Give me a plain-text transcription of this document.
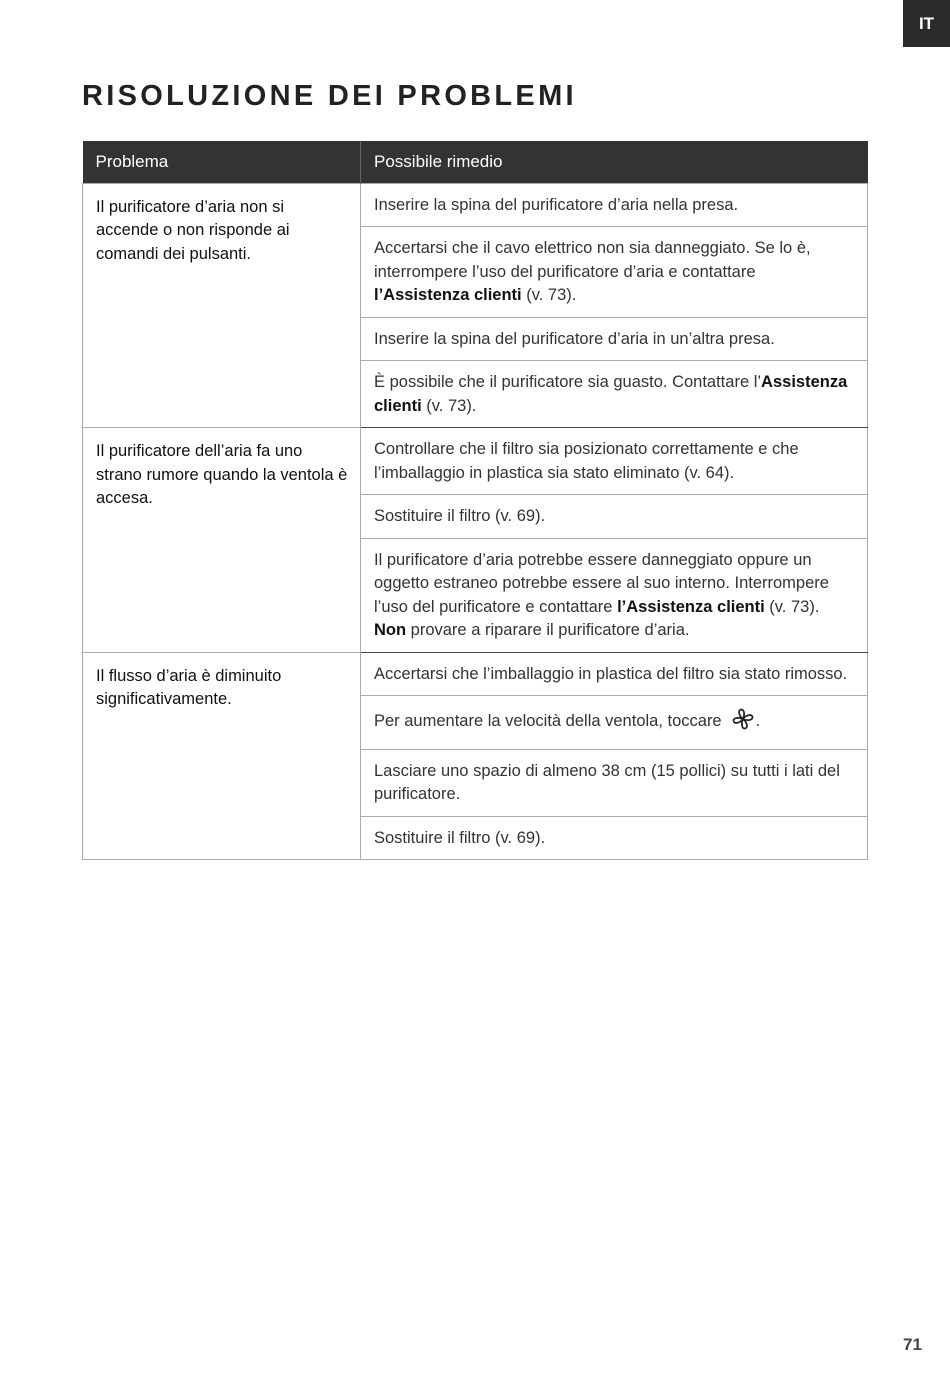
IT
RISOLUZIONE DEI PROBLEMI
Problema	Possibile rimedio
Il purificatore d’aria non si accende o non risponde ai comandi dei pulsanti.	Inserire la spina del purificatore d’aria nella presa.
	Accertarsi che il cavo elettrico non sia danneggiato. Se lo è, interrompere l’uso del purificatore d’aria e contattare l’Assistenza clienti (v. 73).
	Inserire la spina del purificatore d’aria in un’altra presa.
	È possibile che il purificatore sia guasto. Contattare l’Assistenza clienti (v. 73).
Il purificatore dell’aria fa uno strano rumore quando la ventola è accesa.	Controllare che il filtro sia posizionato correttamente e che l’imballaggio in plastica sia stato eliminato (v. 64).
	Sostituire il filtro (v. 69).
	Il purificatore d’aria potrebbe essere danneggiato oppure un oggetto estraneo potrebbe essere al suo interno. Interrompere l’uso del purificatore e contattare l’Assistenza clienti (v. 73). Non provare a riparare il purificatore d’aria.
Il flusso d’aria è diminuito significativamente.	Accertarsi che l’imballaggio in plastica del filtro sia stato rimosso.
	Per aumentare la velocità della ventola, toccare .
	Lasciare uno spazio di almeno 38 cm (15 pollici) su tutti i lati del purificatore.
	Sostituire il filtro (v. 69).
71
